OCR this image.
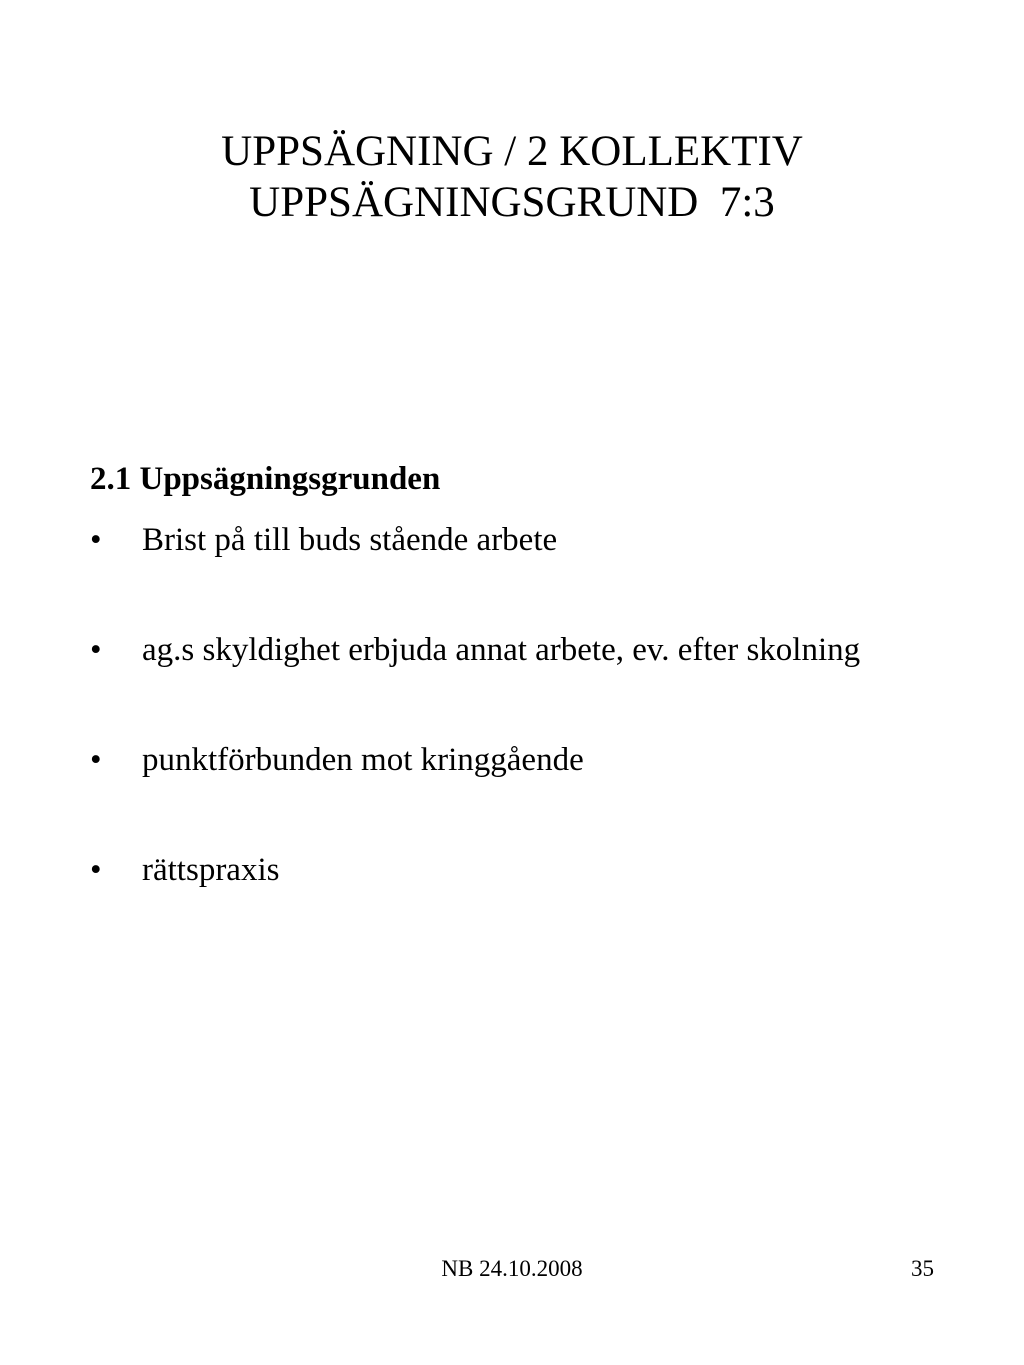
UPPSÄGNING / 2 KOLLEKTIV
UPPSÄGNINGSGRUND  7:3

2.1 Uppsägningsgrunden

•	Brist på till buds stående arbete
•	ag.s skyldighet erbjuda annat arbete, ev. efter skolning
•	punktförbunden mot kringgående
•	rättspraxis
NB 24.10.2008	35
